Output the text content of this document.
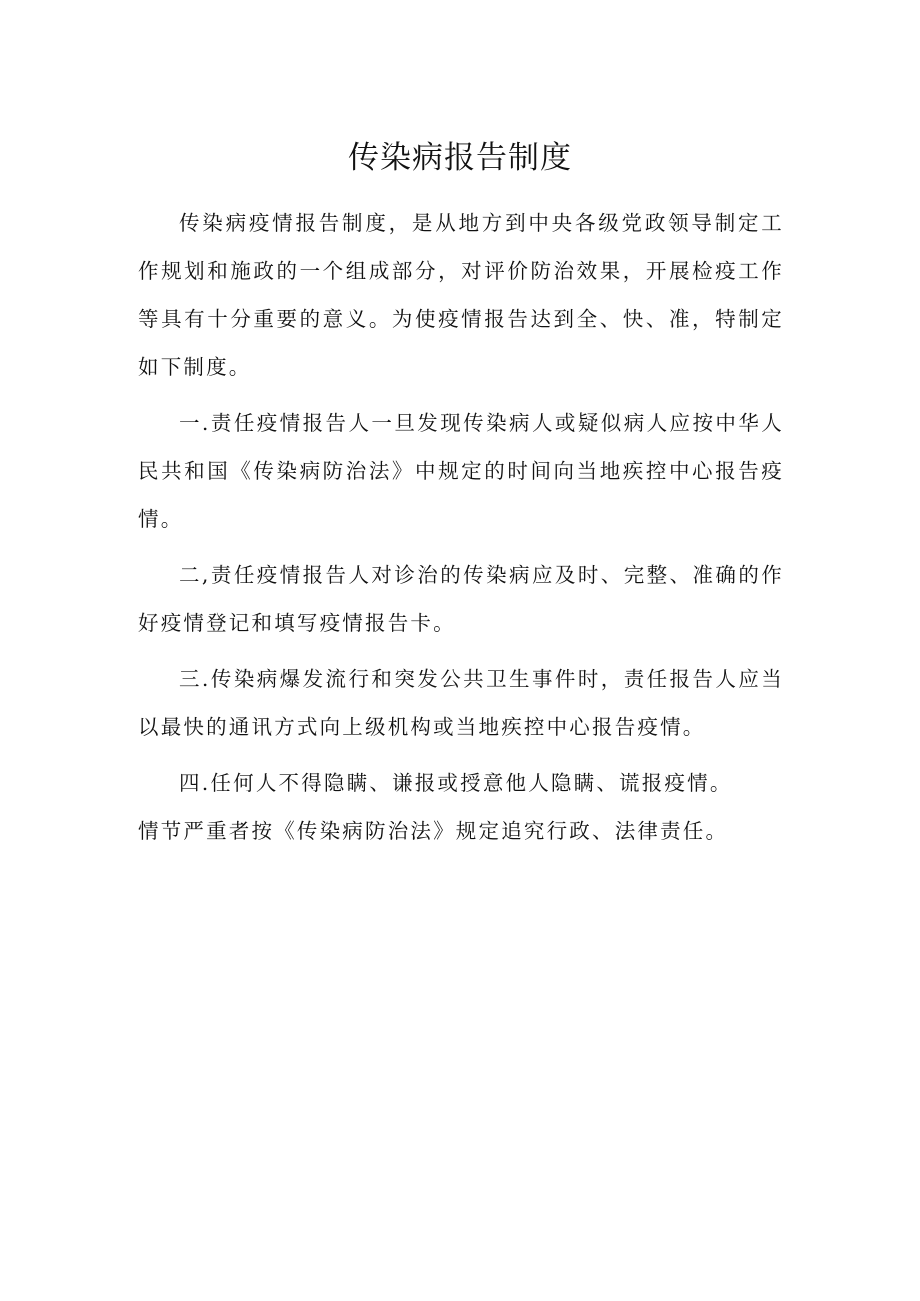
传染病报告制度

传染病疫情报告制度，是从地方到中央各级党政领导制定工作规划和施政的一个组成部分，对评价防治效果，开展检疫工作等具有十分重要的意义。为使疫情报告达到全、快、准，特制定如下制度。

一.责任疫情报告人一旦发现传染病人或疑似病人应按中华人民共和国《传染病防治法》中规定的时间向当地疾控中心报告疫情。

二,责任疫情报告人对诊治的传染病应及时、完整、准确的作好疫情登记和填写疫情报告卡。

三.传染病爆发流行和突发公共卫生事件时，责任报告人应当以最快的通讯方式向上级机构或当地疾控中心报告疫情。

四.任何人不得隐瞒、谦报或授意他人隐瞒、谎报疫情。

情节严重者按《传染病防治法》规定追究行政、法律责任。
